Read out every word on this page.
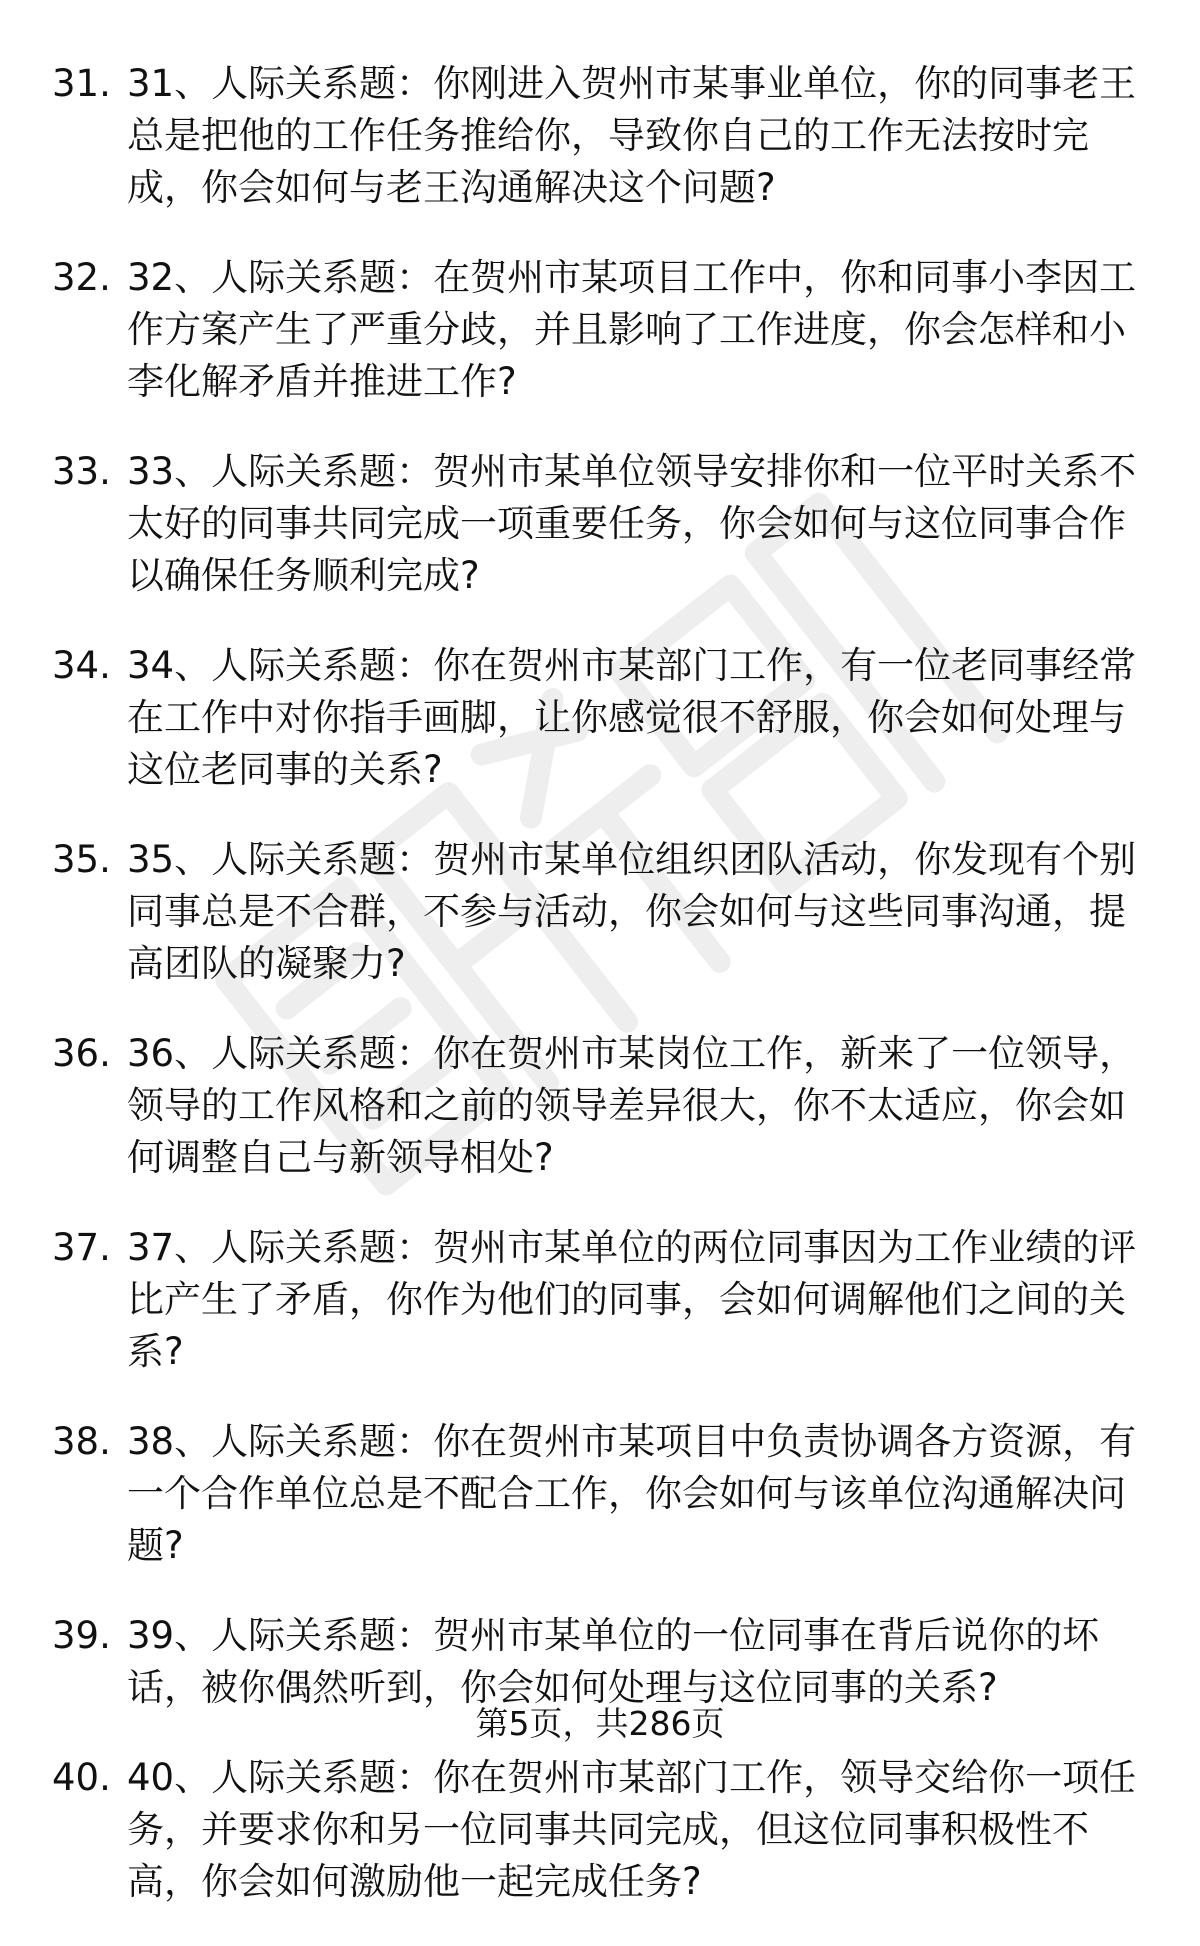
31. 31、人际关系题：你刚进入贺州市某事业单位，你的同事老王总是把他的工作任务推给你，导致你自己的工作无法按时完成，你会如何与老王沟通解决这个问题?
32. 32、人际关系题：在贺州市某项目工作中，你和同事小李因工作方案产生了严重分歧，并且影响了工作进度，你会怎样和小李化解矛盾并推进工作?
33. 33、人际关系题：贺州市某单位领导安排你和一位平时关系不太好的同事共同完成一项重要任务，你会如何与这位同事合作以确保任务顺利完成?
34. 34、人际关系题：你在贺州市某部门工作，有一位老同事经常在工作中对你指手画脚，让你感觉很不舒服，你会如何处理与这位老同事的关系?
35. 35、人际关系题：贺州市某单位组织团队活动，你发现有个别同事总是不合群，不参与活动，你会如何与这些同事沟通，提高团队的凝聚力?
36. 36、人际关系题：你在贺州市某岗位工作，新来了一位领导，领导的工作风格和之前的领导差异很大，你不太适应，你会如何调整自己与新领导相处?
37. 37、人际关系题：贺州市某单位的两位同事因为工作业绩的评比产生了矛盾，你作为他们的同事，会如何调解他们之间的关系?
38. 38、人际关系题：你在贺州市某项目中负责协调各方资源，有一个合作单位总是不配合工作，你会如何与该单位沟通解决问题?
39. 39、人际关系题：贺州市某单位的一位同事在背后说你的坏话，被你偶然听到，你会如何处理与这位同事的关系?
40. 40、人际关系题：你在贺州市某部门工作，领导交给你一项任务，并要求你和另一位同事共同完成，但这位同事积极性不高，你会如何激励他一起完成任务?
第5页，共286页
